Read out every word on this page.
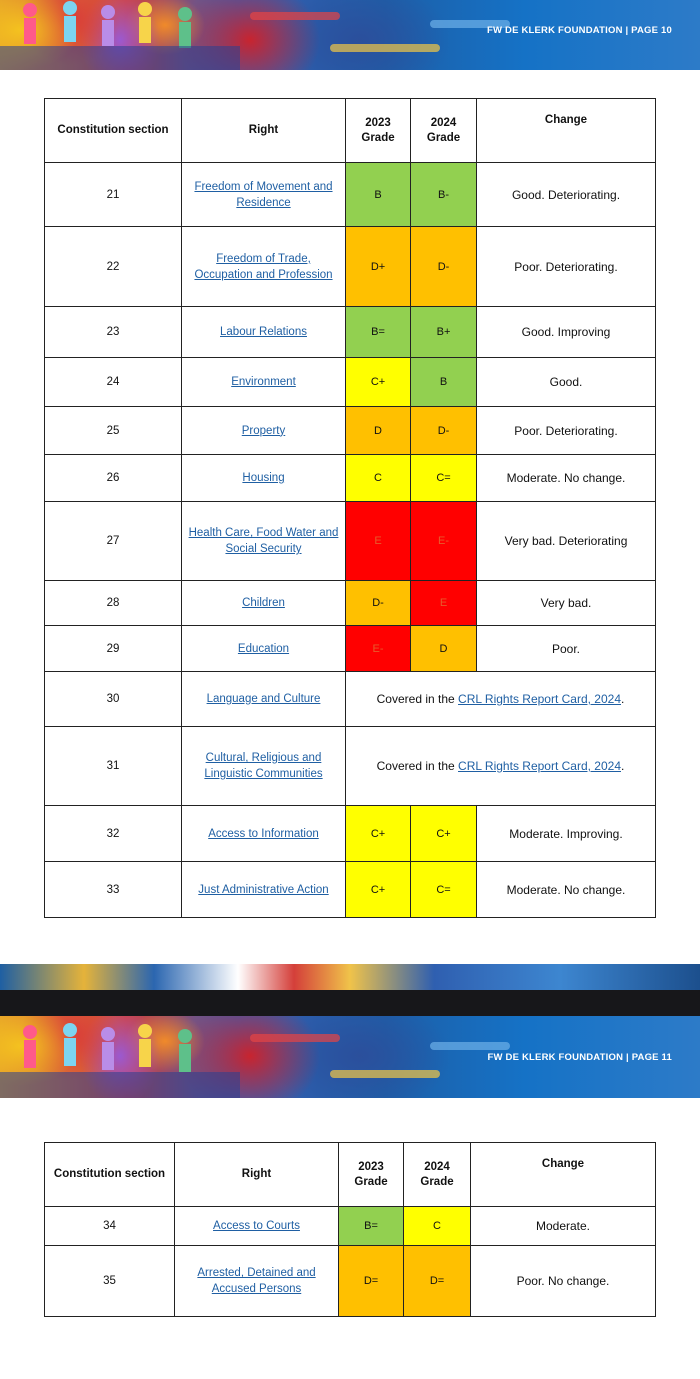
FW DE KLERK FOUNDATION | PAGE 10
Constitution section	Right	2023 Grade	2024 Grade	Change
21	Freedom of Movement and Residence	B	B-	Good. Deteriorating.
22	Freedom of Trade, Occupation and Profession	D+	D-	Poor. Deteriorating.
23	Labour Relations	B=	B+	Good. Improving
24	Environment	C+	B	Good.
25	Property	D	D-	Poor. Deteriorating.
26	Housing	C	C=	Moderate. No change.
27	Health Care, Food Water and Social Security	E	E-	Very bad. Deteriorating
28	Children	D-	E	Very bad.
29	Education	E-	D	Poor.
30	Language and Culture	Covered in the CRL Rights Report Card, 2024.		
31	Cultural, Religious and Linguistic Communities	Covered in the CRL Rights Report Card, 2024.		
32	Access to Information	C+	C+	Moderate. Improving.
33	Just Administrative Action	C+	C=	Moderate. No change.
FW DE KLERK FOUNDATION | PAGE 11
Constitution section	Right	2023 Grade	2024 Grade	Change
34	Access to Courts	B=	C	Moderate.
35	Arrested, Detained and Accused Persons	D=	D=	Poor. No change.
